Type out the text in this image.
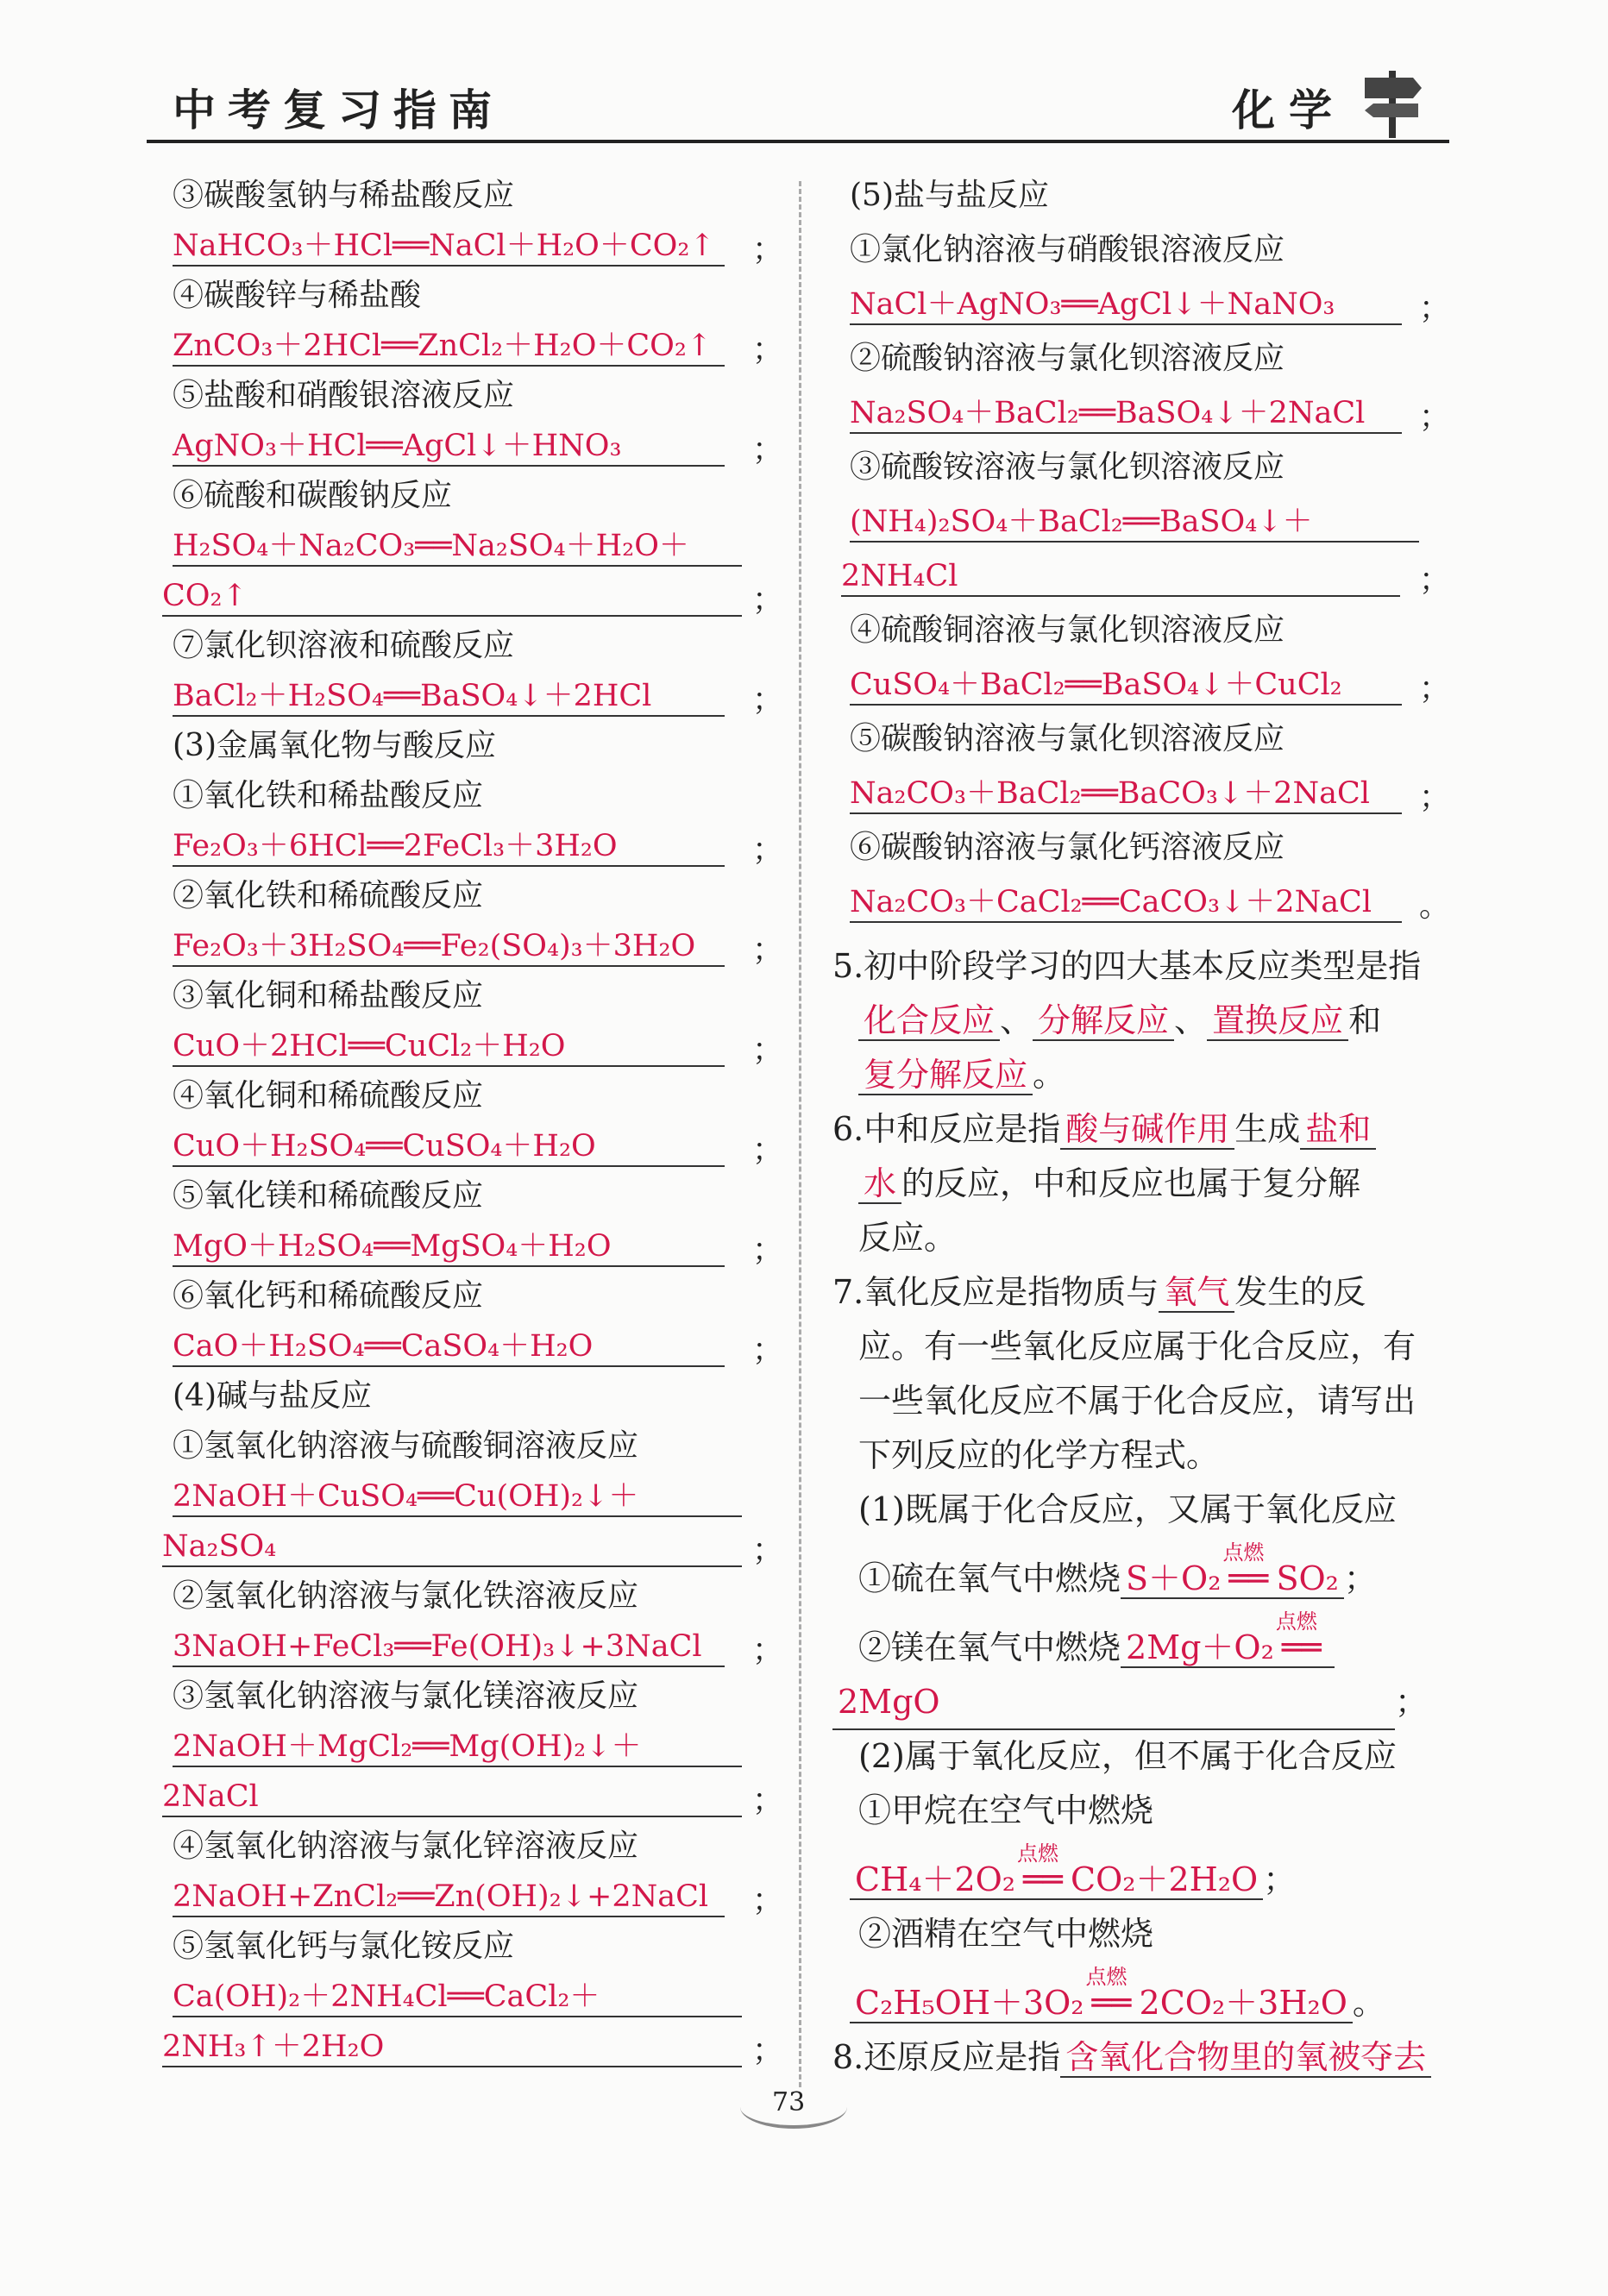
中考复习指南	化学
③碳酸氢钠与稀盐酸反应
NaHCO₃＋HCl══NaCl＋H₂O＋CO₂↑	；
④碳酸锌与稀盐酸
ZnCO₃＋2HCl══ZnCl₂＋H₂O＋CO₂↑	；
⑤盐酸和硝酸银溶液反应
AgNO₃＋HCl══AgCl↓＋HNO₃	；
⑥硫酸和碳酸钠反应
H₂SO₄＋Na₂CO₃══Na₂SO₄＋H₂O＋
CO₂↑	；
⑦氯化钡溶液和硫酸反应
BaCl₂＋H₂SO₄══BaSO₄↓＋2HCl	；
(3)金属氧化物与酸反应
①氧化铁和稀盐酸反应
Fe₂O₃＋6HCl══2FeCl₃＋3H₂O	；
②氧化铁和稀硫酸反应
Fe₂O₃＋3H₂SO₄══Fe₂(SO₄)₃＋3H₂O	；
③氧化铜和稀盐酸反应
CuO＋2HCl══CuCl₂＋H₂O	；
④氧化铜和稀硫酸反应
CuO＋H₂SO₄══CuSO₄＋H₂O	；
⑤氧化镁和稀硫酸反应
MgO＋H₂SO₄══MgSO₄＋H₂O	；
⑥氧化钙和稀硫酸反应
CaO＋H₂SO₄══CaSO₄＋H₂O	；
(4)碱与盐反应
①氢氧化钠溶液与硫酸铜溶液反应
2NaOH＋CuSO₄══Cu(OH)₂↓＋
Na₂SO₄	；
②氢氧化钠溶液与氯化铁溶液反应
3NaOH+FeCl₃══Fe(OH)₃↓+3NaCl	；
③氢氧化钠溶液与氯化镁溶液反应
2NaOH＋MgCl₂══Mg(OH)₂↓＋
2NaCl	；
④氢氧化钠溶液与氯化锌溶液反应
2NaOH+ZnCl₂══Zn(OH)₂↓+2NaCl	；
⑤氢氧化钙与氯化铵反应
Ca(OH)₂＋2NH₄Cl══CaCl₂＋
2NH₃↑＋2H₂O	；
(5)盐与盐反应
①氯化钠溶液与硝酸银溶液反应
NaCl＋AgNO₃══AgCl↓＋NaNO₃	；
②硫酸钠溶液与氯化钡溶液反应
Na₂SO₄＋BaCl₂══BaSO₄↓＋2NaCl	；
③硫酸铵溶液与氯化钡溶液反应
(NH₄)₂SO₄＋BaCl₂══BaSO₄↓＋
2NH₄Cl	；
④硫酸铜溶液与氯化钡溶液反应
CuSO₄＋BaCl₂══BaSO₄↓＋CuCl₂	；
⑤碳酸钠溶液与氯化钡溶液反应
Na₂CO₃＋BaCl₂══BaCO₃↓＋2NaCl	；
⑥碳酸钠溶液与氯化钙溶液反应
Na₂CO₃＋CaCl₂══CaCO₃↓＋2NaCl	。
5.初中阶段学习的四大基本反应类型是指
化合反应 、 分解反应 、 置换反应 和
复分解反应 。
6.中和反应是指 酸与碱作用 生成 盐和
水 的反应，中和反应也属于复分解
反应。
7.氧化反应是指物质与 氧气 发生的反
应。有一些氧化反应属于化合反应，有
一些氧化反应不属于化合反应，请写出
下列反应的化学方程式。
(1)既属于化合反应，又属于氧化反应
①硫在氧气中燃烧 S＋O₂
点燃
══ SO₂ ；
②镁在氧气中燃烧 2Mg＋O₂
点燃
══
2MgO	；
(2)属于氧化反应，但不属于化合反应
①甲烷在空气中燃烧
CH₄＋2O₂
点燃
══ CO₂＋2H₂O ；
②酒精在空气中燃烧
C₂H₅OH＋3O₂
点燃
══ 2CO₂＋3H₂O 。
8.还原反应是指 含氧化合物里的氧被夺去
73
